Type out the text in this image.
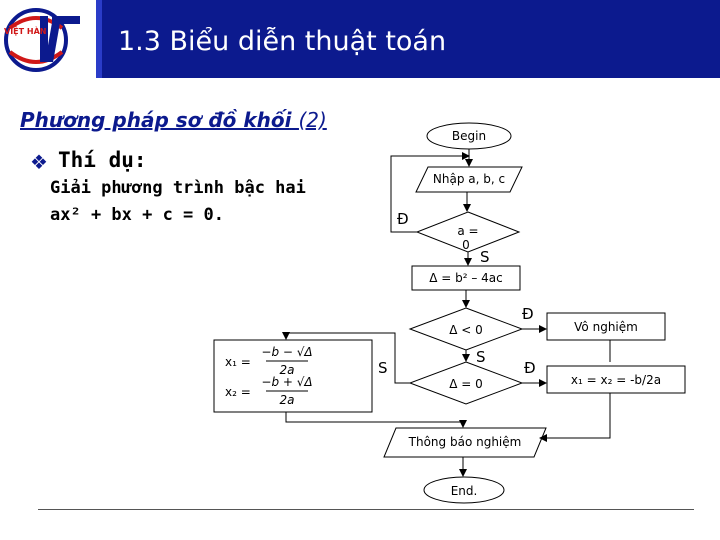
VIỆT HÀN	1.3 Biểu diễn thuật toán
Phương pháp sơ đồ khối (2)
❖ Thí dụ:
Giải phương trình bậc hai
ax² + bx + c = 0.
Begin
Nhập a, b, c
a =
0
Δ = b² – 4ac
Δ < 0
Δ = 0
Vô nghiệm
x₁ = x₂ = -b/2a
Thông báo nghiệm
End.
x₁ =
x₂ =
−b − √Δ
2a
−b + √Δ
2a
Đ
S
Đ
S
Đ
S
